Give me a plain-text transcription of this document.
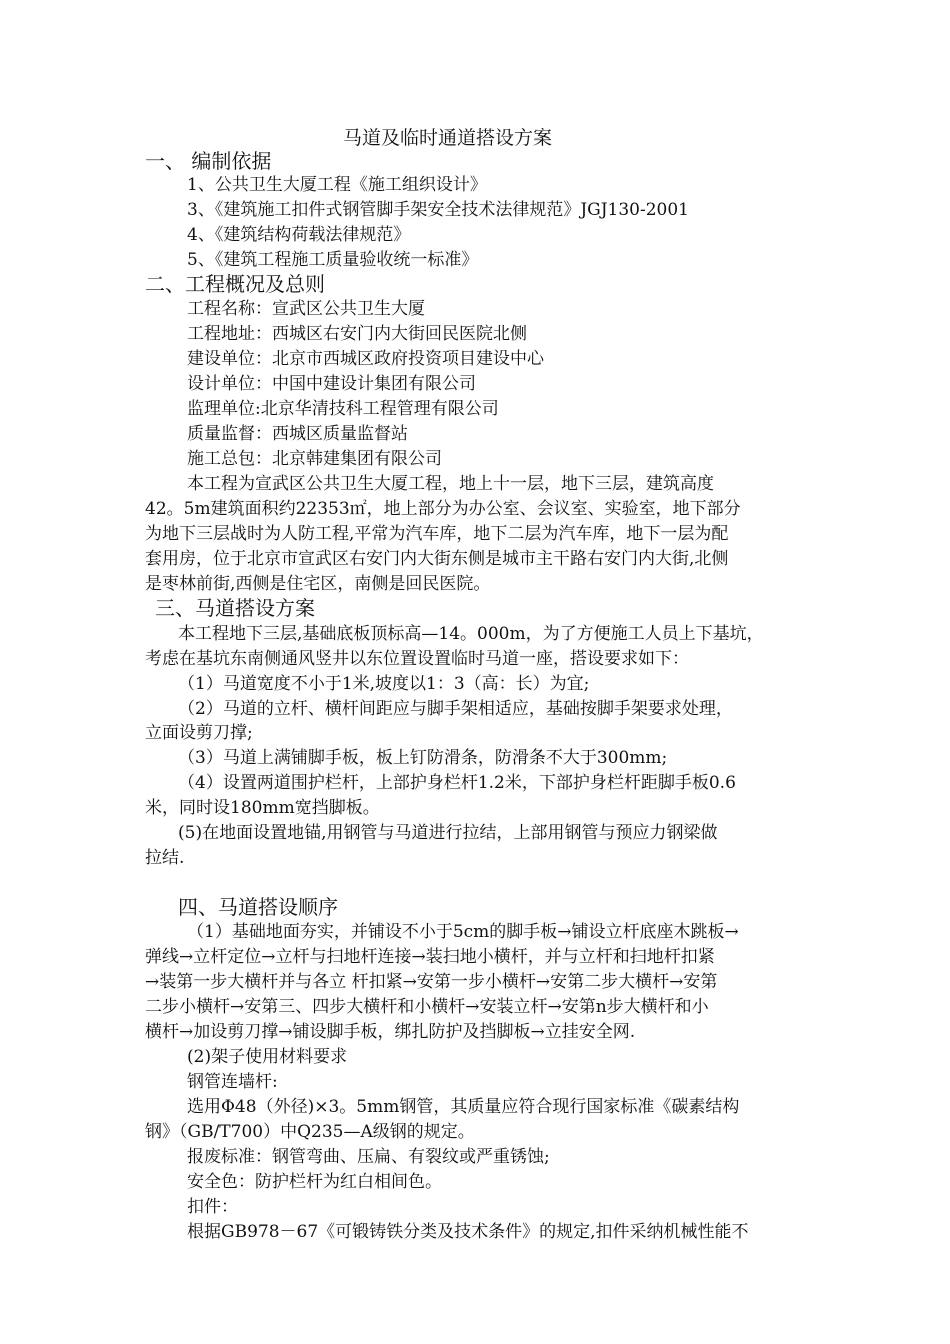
马道及临时通道搭设方案
一、 编制依据
1、公共卫生大厦工程《施工组织设计》
3、《建筑施工扣件式钢管脚手架安全技术法律规范》JGJ130-2001
4、《建筑结构荷载法律规范》
5、《建筑工程施工质量验收统一标准》
二、工程概况及总则
工程名称：宣武区公共卫生大厦
工程地址：西城区右安门内大街回民医院北侧
建设单位：北京市西城区政府投资项目建设中心
设计单位：中国中建设计集团有限公司
监理单位:北京华清技科工程管理有限公司
质量监督：西城区质量监督站
施工总包：北京韩建集团有限公司
本工程为宣武区公共卫生大厦工程，地上十一层，地下三层，建筑高度
42。5m建筑面积约22353㎡，地上部分为办公室、会议室、实验室，地下部分
为地下三层战时为人防工程,平常为汽车库，地下二层为汽车库，地下一层为配
套用房，位于北京市宣武区右安门内大街东侧是城市主干路右安门内大街,北侧
是枣林前街,西侧是住宅区，南侧是回民医院。
三、马道搭设方案
本工程地下三层,基础底板顶标高—14。000m，为了方便施工人员上下基坑，
考虑在基坑东南侧通风竖井以东位置设置临时马道一座，搭设要求如下：
（1）马道宽度不小于1米,坡度以1：3（高：长）为宜;
（2）马道的立杆、横杆间距应与脚手架相适应，基础按脚手架要求处理，
立面设剪刀撑;
（3）马道上满铺脚手板，板上钉防滑条，防滑条不大于300mm;
（4）设置两道围护栏杆，上部护身栏杆1.2米，下部护身栏杆距脚手板0.6
米，同时设180mm宽挡脚板。
(5)在地面设置地锚,用钢管与马道进行拉结，上部用钢管与预应力钢梁做
拉结.
四、马道搭设顺序
（1）基础地面夯实，并铺设不小于5cm的脚手板→铺设立杆底座木跳板→
弹线→立杆定位→立杆与扫地杆连接→装扫地小横杆，并与立杆和扫地杆扣紧
→装第一步大横杆并与各立 杆扣紧→安第一步小横杆→安第二步大横杆→安第
二步小横杆→安第三、四步大横杆和小横杆→安装立杆→安第n步大横杆和小
横杆→加设剪刀撑→铺设脚手板，绑扎防护及挡脚板→立挂安全网.
(2)架子使用材料要求
钢管连墙杆:
选用Φ48（外径)×3。5mm钢管，其质量应符合现行国家标准《碳素结构
钢》（GB/T700）中Q235—A级钢的规定。
报废标准：钢管弯曲、压扁、有裂纹或严重锈蚀;
安全色：防护栏杆为红白相间色。
扣件：
根据GB978－67《可锻铸铁分类及技术条件》的规定,扣件采纳机械性能不
